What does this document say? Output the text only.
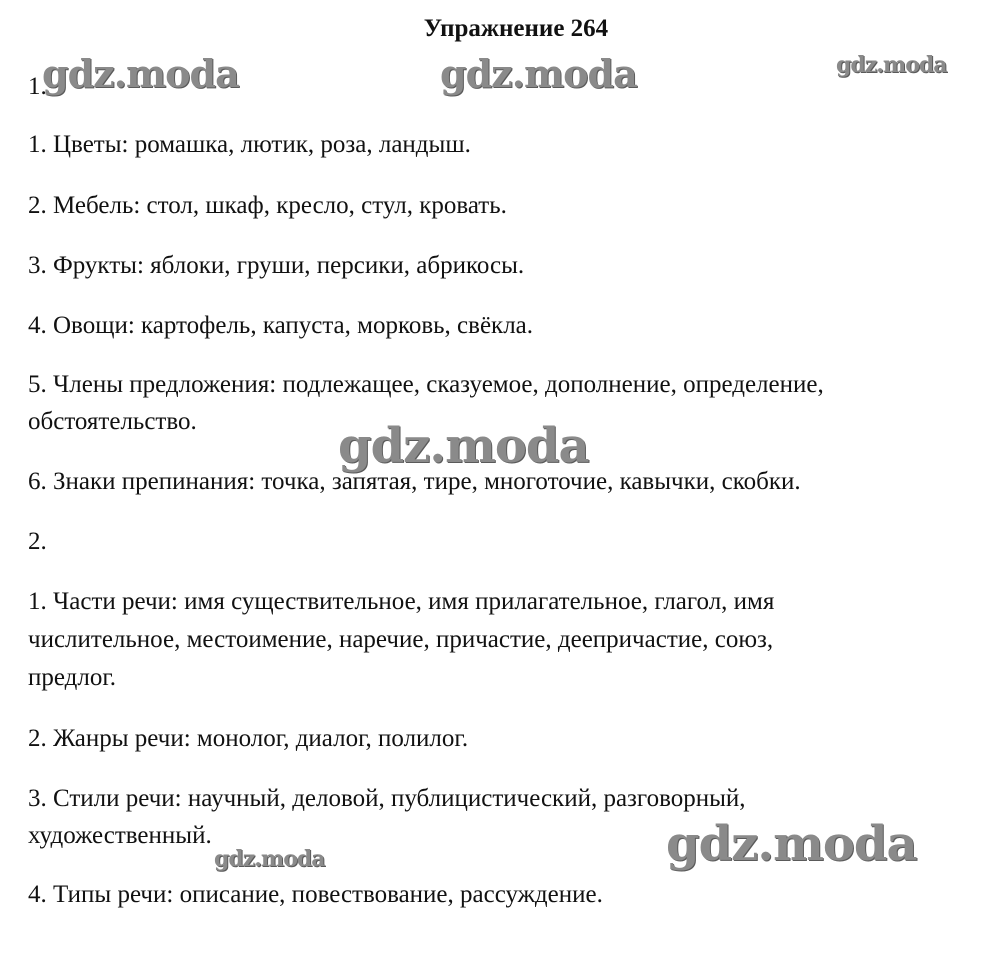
Упражнение 264
1.
1. Цветы: ромашка, лютик, роза, ландыш.
2. Мебель: стол, шкаф, кресло, стул, кровать.
3. Фрукты: яблоки, груши, персики, абрикосы.
4. Овощи: картофель, капуста, морковь, свёкла.
5. Члены предложения: подлежащее, сказуемое, дополнение, определение,
обстоятельство.
6. Знаки препинания: точка, запятая, тире, многоточие, кавычки, скобки.
2.
1. Части речи: имя существительное, имя прилагательное, глагол, имя
числительное, местоимение, наречие, причастие, деепричастие, союз,
предлог.
2. Жанры речи: монолог, диалог, полилог.
3. Стили речи: научный, деловой, публицистический, разговорный,
художественный.
4. Типы речи: описание, повествование, рассуждение.
gdz.moda	gdz.moda	gdz.moda
gdz.moda
gdz.moda
gdz.moda
